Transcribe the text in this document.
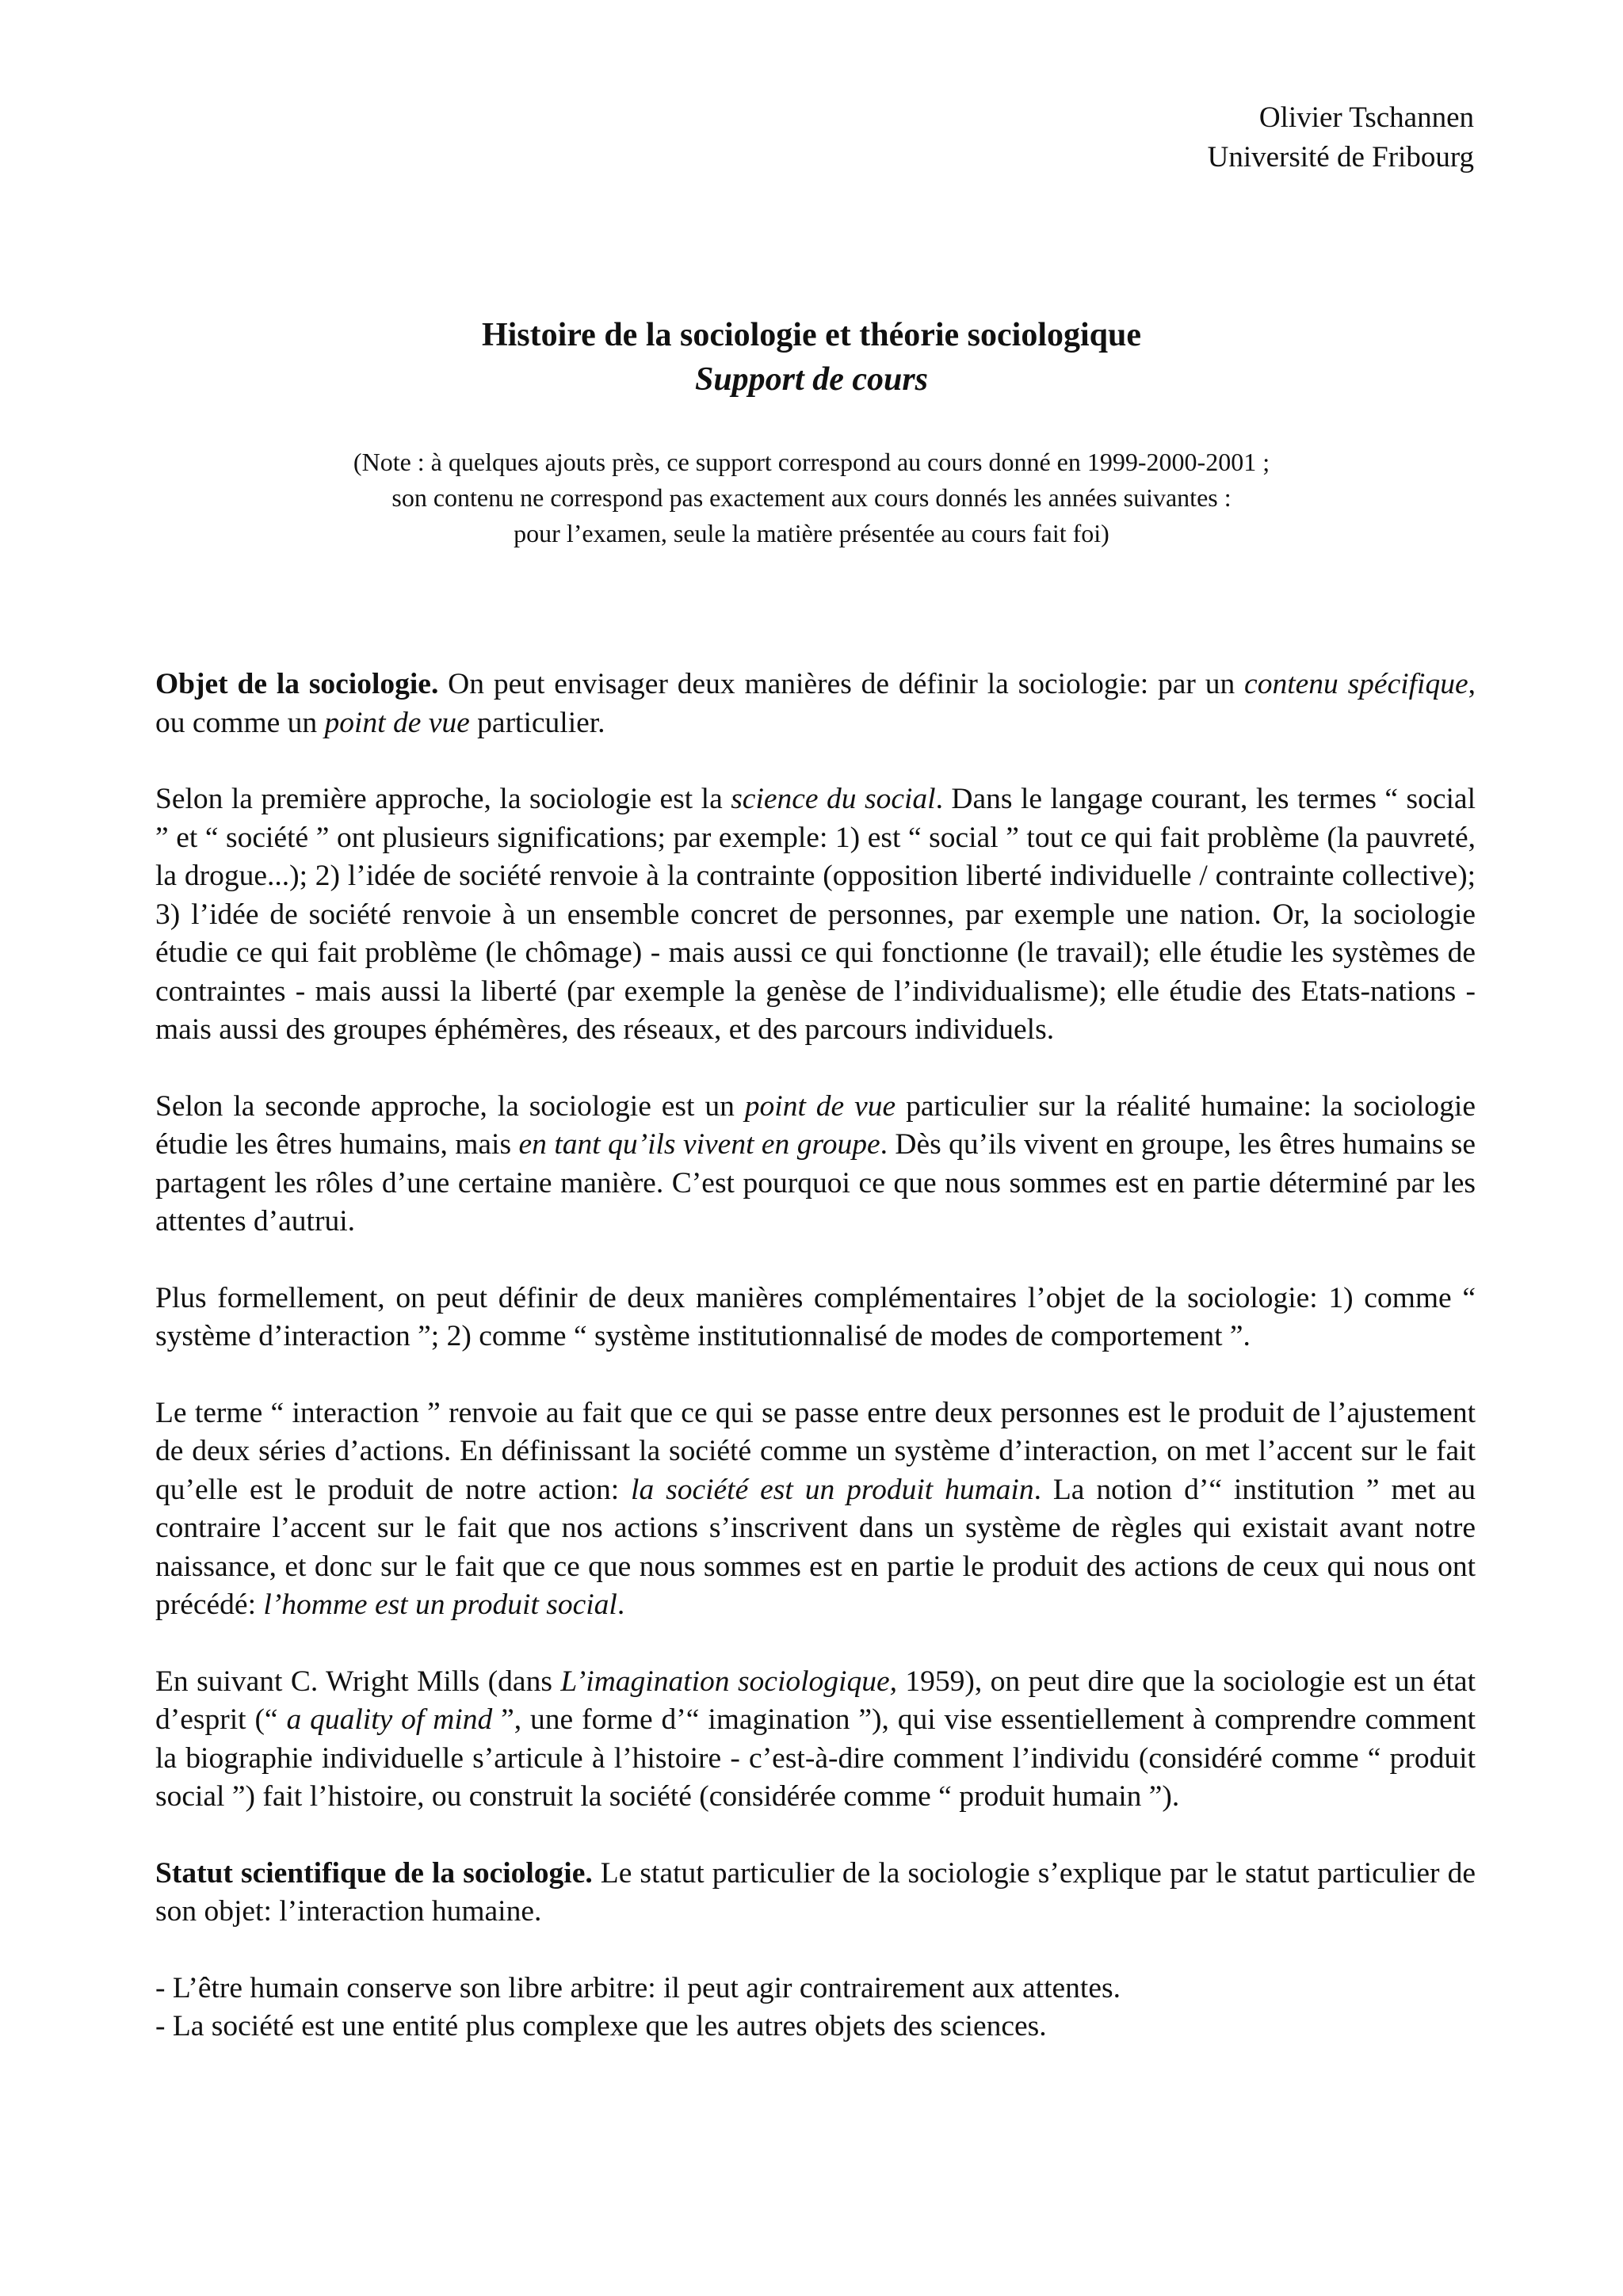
Olivier Tschannen
Université de Fribourg
Histoire de la sociologie et théorie sociologique
Support de cours
(Note : à quelques ajouts près, ce support correspond au cours donné en 1999-2000-2001 ;
son contenu ne correspond pas exactement aux cours donnés les années suivantes :
pour l’examen, seule la matière présentée au cours fait foi)

Objet de la sociologie. On peut envisager deux manières de définir la sociologie: par un contenu spécifique, ou comme un point de vue particulier.

Selon la première approche, la sociologie est la science du social. Dans le langage courant, les termes “ social ” et “ société ” ont plusieurs significations; par exemple: 1) est “ social ” tout ce qui fait problème (la pauvreté, la drogue...); 2) l’idée de société renvoie à la contrainte (opposition liberté individuelle / contrainte collective); 3) l’idée de société renvoie à un ensemble concret de personnes, par exemple une nation. Or, la sociologie étudie ce qui fait problème (le chômage) - mais aussi ce qui fonctionne (le travail); elle étudie les systèmes de contraintes - mais aussi la liberté (par exemple la genèse de l’individualisme); elle étudie des Etats-nations - mais aussi des groupes éphémères, des réseaux, et des parcours individuels.

Selon la seconde approche, la sociologie est un point de vue particulier sur la réalité humaine: la sociologie étudie les êtres humains, mais en tant qu’ils vivent en groupe. Dès qu’ils vivent en groupe, les êtres humains se partagent les rôles d’une certaine manière. C’est pourquoi ce que nous sommes est en partie déterminé par les attentes d’autrui.

Plus formellement, on peut définir de deux manières complémentaires l’objet de la sociologie: 1) comme “ système d’interaction ”; 2) comme “ système institutionnalisé de modes de comportement ”.

Le terme “ interaction ” renvoie au fait que ce qui se passe entre deux personnes est le produit de l’ajustement de deux séries d’actions. En définissant la société comme un système d’interaction, on met l’accent sur le fait qu’elle est le produit de notre action: la société est un produit humain. La notion d’“ institution ” met au contraire l’accent sur le fait que nos actions s’inscrivent dans un système de règles qui existait avant notre naissance, et donc sur le fait que ce que nous sommes est en partie le produit des actions de ceux qui nous ont précédé: l’homme est un produit social.

En suivant C. Wright Mills (dans L’imagination sociologique, 1959), on peut dire que la sociologie est un état d’esprit (“ a quality of mind ”, une forme d’“ imagination ”), qui vise essentiellement à comprendre comment la biographie individuelle s’articule à l’histoire - c’est-à-dire comment l’individu (considéré comme “ produit social ”) fait l’histoire, ou construit la société (considérée comme “ produit humain ”).

Statut scientifique de la sociologie. Le statut particulier de la sociologie s’explique par le statut particulier de son objet: l’interaction humaine.

- L’être humain conserve son libre arbitre: il peut agir contrairement aux attentes.
- La société est une entité plus complexe que les autres objets des sciences.
